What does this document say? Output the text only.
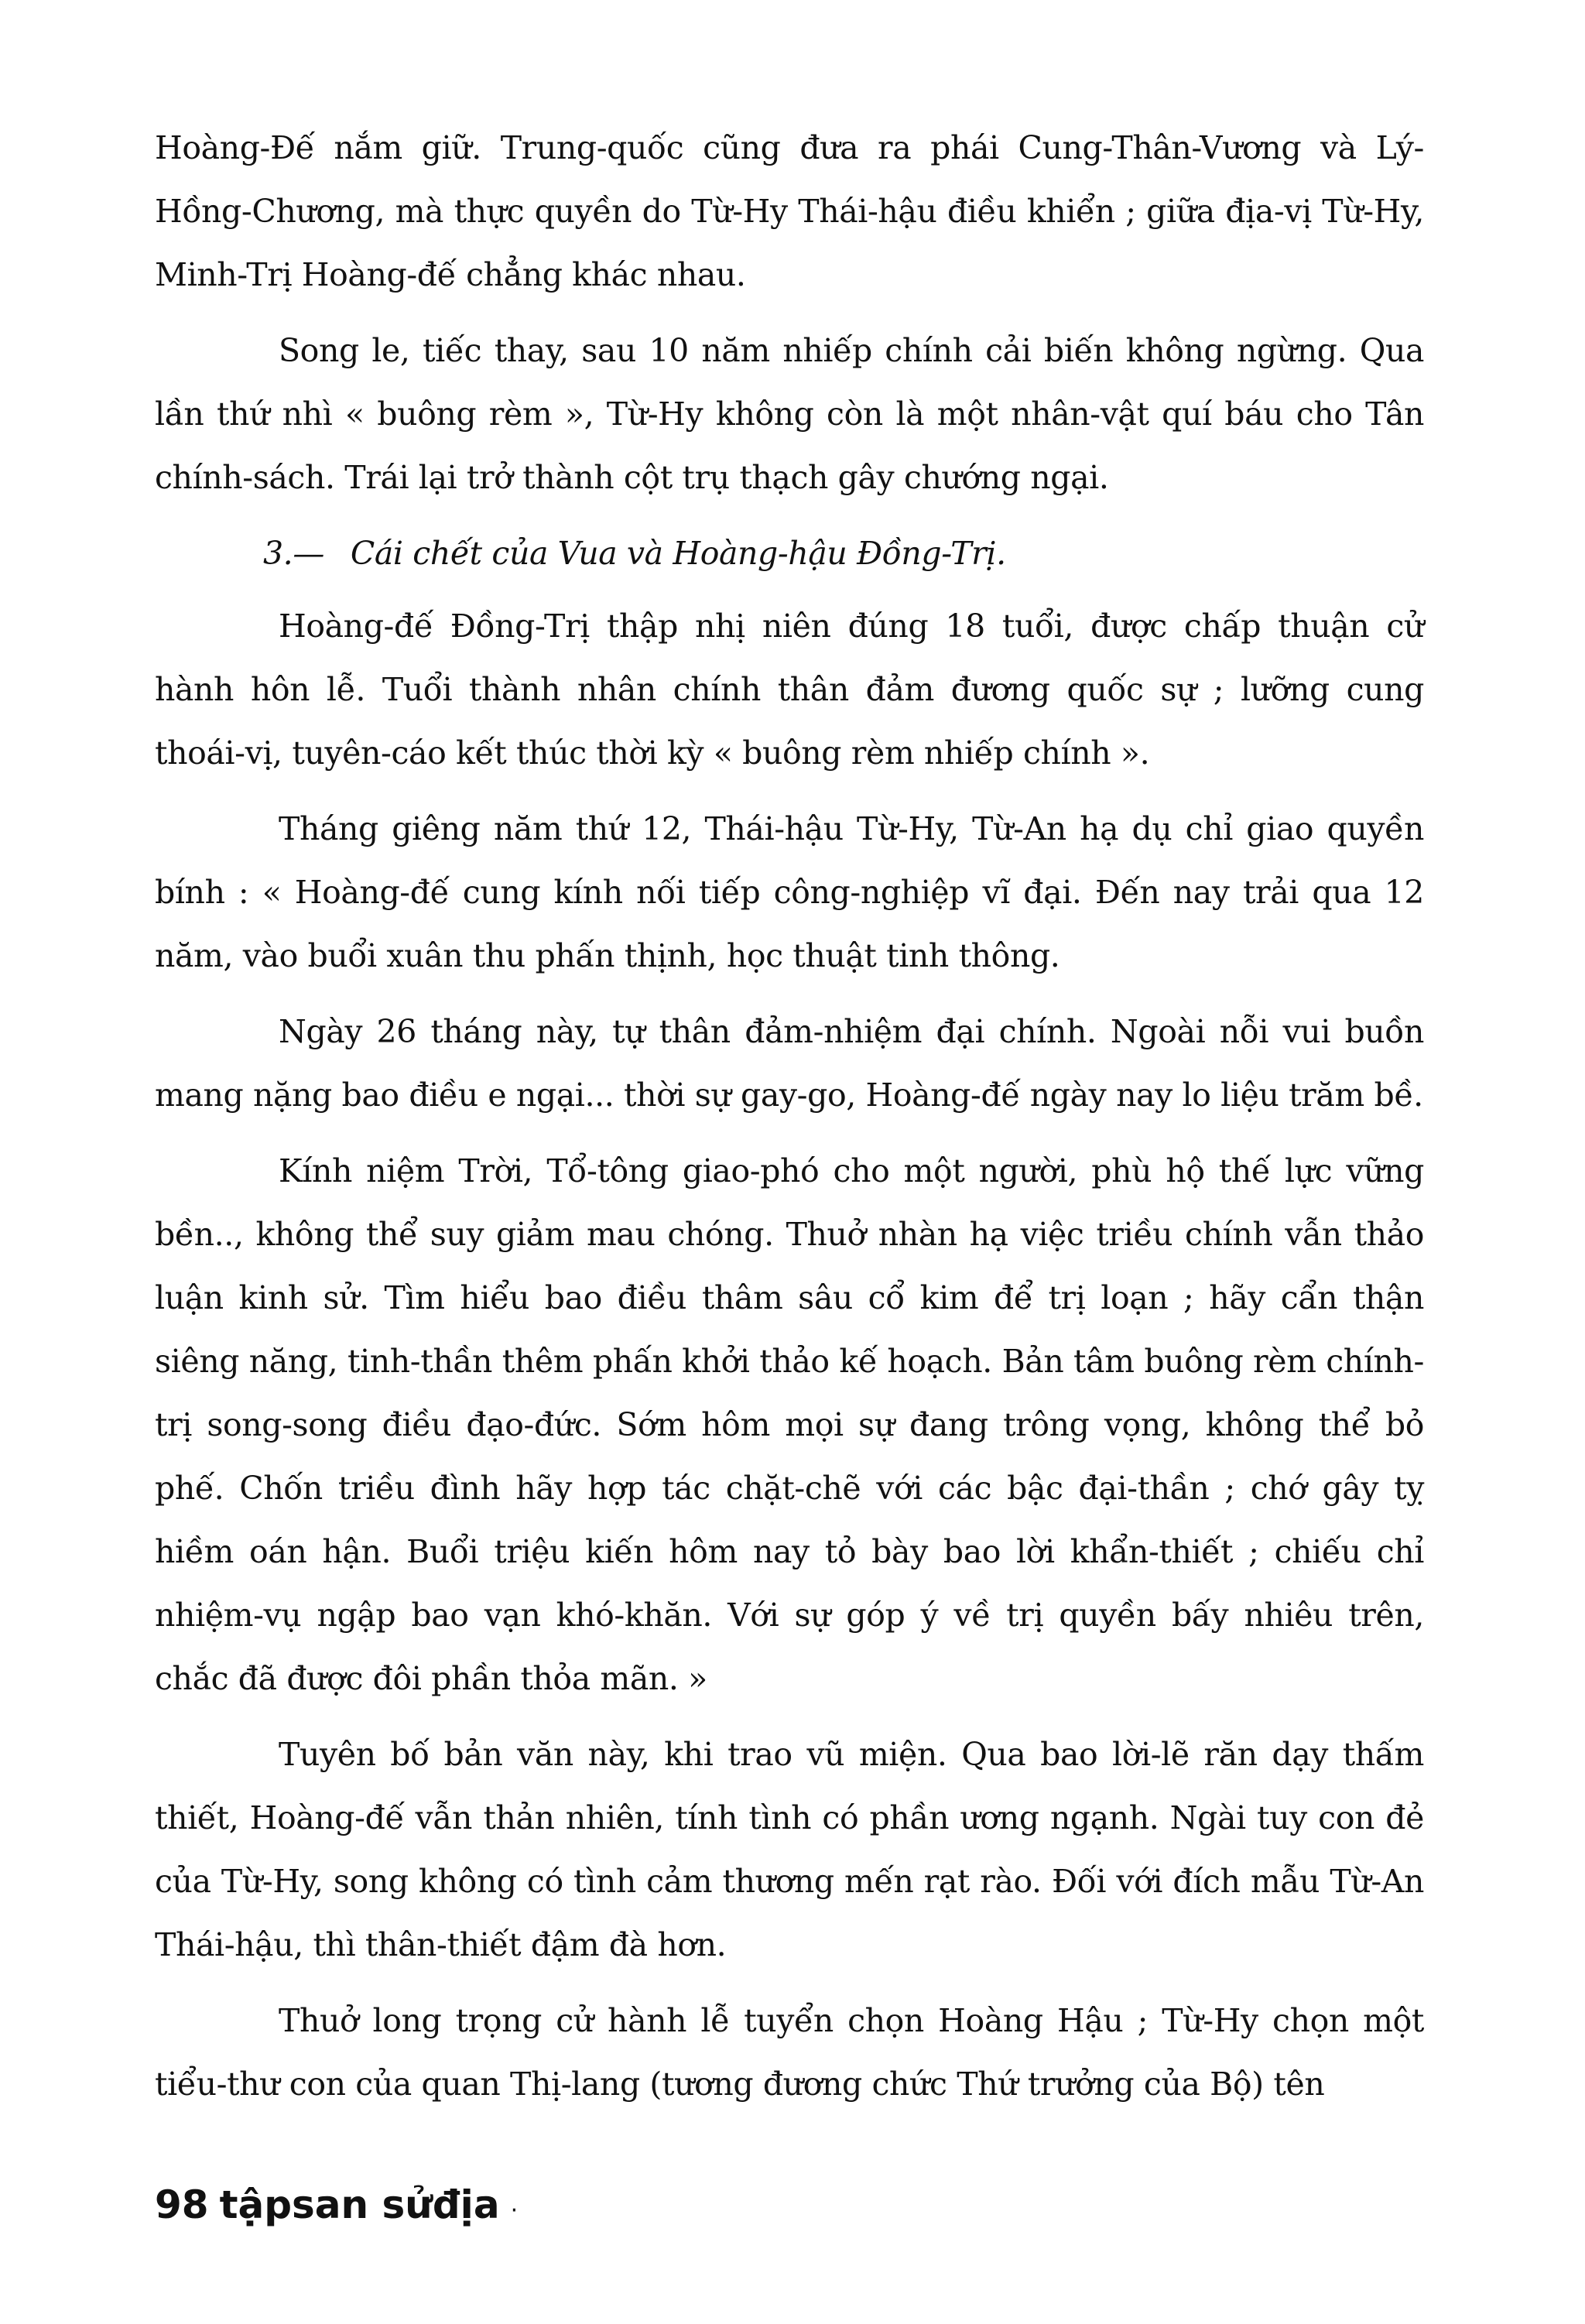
Hoàng-Đế nắm giữ. Trung-quốc cũng đưa ra phái Cung-Thân-Vương và Lý-Hồng-Chương, mà thực quyền do Từ-Hy Thái-hậu điều khiển ; giữa địa-vị Từ-Hy, Minh-Trị Hoàng-đế chẳng khác nhau.

Song le, tiếc thay, sau 10 năm nhiếp chính cải biến không ngừng. Qua lần thứ nhì « buông rèm », Từ-Hy không còn là một nhân-vật quí báu cho Tân chính-sách. Trái lại trở thành cột trụ thạch gây chướng ngại.

3.— Cái chết của Vua và Hoàng-hậu Đồng-Trị.

Hoàng-đế Đồng-Trị thập nhị niên đúng 18 tuổi, được chấp thuận cử hành hôn lễ. Tuổi thành nhân chính thân đảm đương quốc sự ; lưỡng cung thoái-vị, tuyên-cáo kết thúc thời kỳ « buông rèm nhiếp chính ».

Tháng giêng năm thứ 12, Thái-hậu Từ-Hy, Từ-An hạ dụ chỉ giao quyền bính : « Hoàng-đế cung kính nối tiếp công-nghiệp vĩ đại. Đến nay trải qua 12 năm, vào buổi xuân thu phấn thịnh, học thuật tinh thông.

Ngày 26 tháng này, tự thân đảm-nhiệm đại chính. Ngoài nỗi vui buồn mang nặng bao điều e ngại... thời sự gay-go, Hoàng-đế ngày nay lo liệu trăm bề.

Kính niệm Trời, Tổ-tông giao-phó cho một người, phù hộ thế lực vững bền.., không thể suy giảm mau chóng. Thuở nhàn hạ việc triều chính vẫn thảo luận kinh sử. Tìm hiểu bao điều thâm sâu cổ kim để trị loạn ; hãy cẩn thận siêng năng, tinh-thần thêm phấn khởi thảo kế hoạch. Bản tâm buông rèm chính-trị song-song điều đạo-đức. Sớm hôm mọi sự đang trông vọng, không thể bỏ phế. Chốn triều đình hãy hợp tác chặt-chẽ với các bậc đại-thần ; chớ gây tỵ hiềm oán hận. Buổi triệu kiến hôm nay tỏ bày bao lời khẩn-thiết ; chiếu chỉ nhiệm-vụ ngập bao vạn khó-khăn. Với sự góp ý về trị quyền bấy nhiêu trên, chắc đã được đôi phần thỏa mãn. »

Tuyên bố bản văn này, khi trao vũ miện. Qua bao lời-lẽ răn dạy thấm thiết, Hoàng-đế vẫn thản nhiên, tính tình có phần ương ngạnh. Ngài tuy con đẻ của Từ-Hy, song không có tình cảm thương mến rạt rào. Đối với đích mẫu Từ-An Thái-hậu, thì thân-thiết đậm đà hơn.

Thuở long trọng cử hành lễ tuyển chọn Hoàng Hậu ; Từ-Hy chọn một tiểu-thư con của quan Thị-lang (tương đương chức Thứ trưởng của Bộ) tên

98 tậpsan sửđịa ·
